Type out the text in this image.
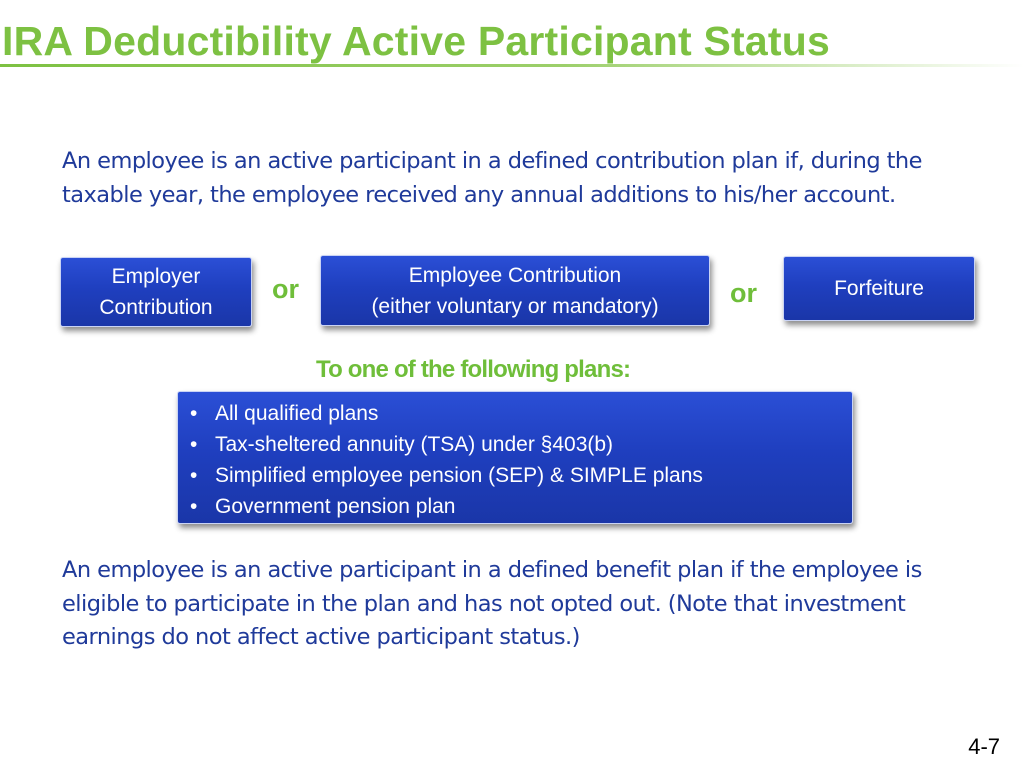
IRA Deductibility Active Participant Status

An employee is an active participant in a defined contribution plan if, during the taxable year, the employee received any annual additions to his/her account.

Employer
Contribution
or	Employee Contribution
(either voluntary or mandatory)	or	Forfeiture
To one of the following plans:
• All qualified plans
• Tax-sheltered annuity (TSA) under §403(b)
• Simplified employee pension (SEP) & SIMPLE plans
• Government pension plan

An employee is an active participant in a defined benefit plan if the employee is eligible to participate in the plan and has not opted out. (Note that investment earnings do not affect active participant status.)

4-7
